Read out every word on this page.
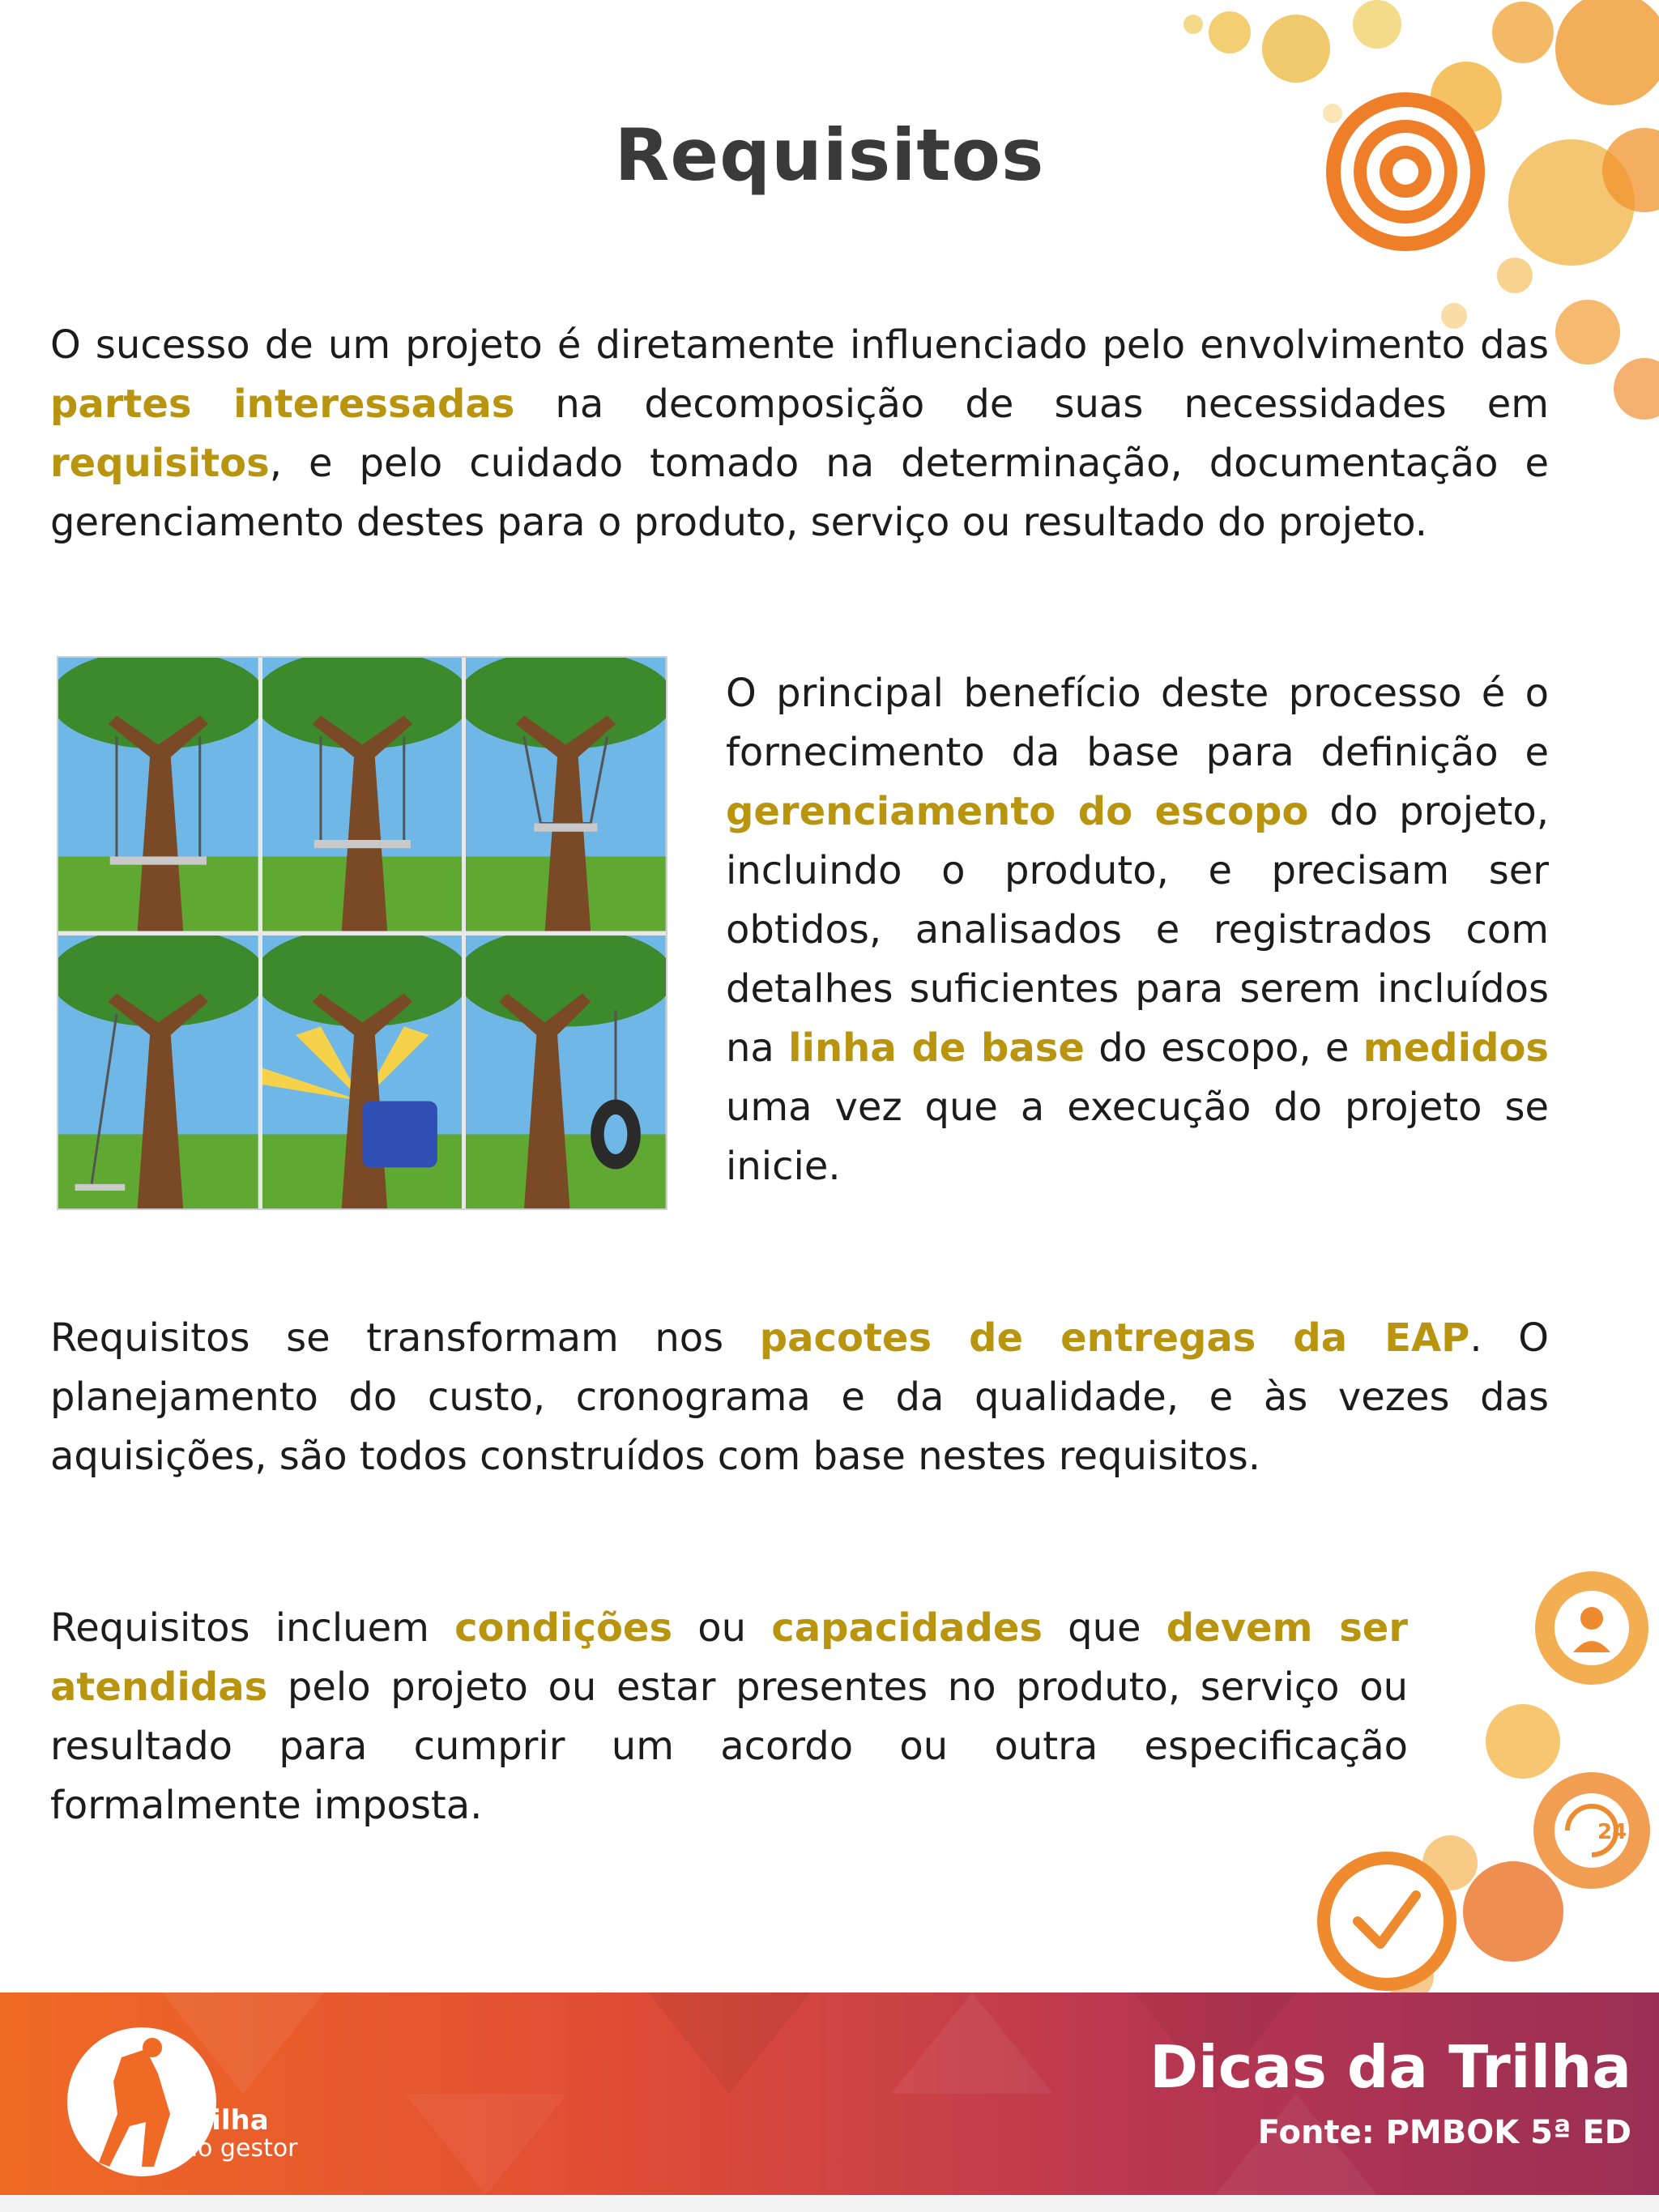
24
Requisitos
O sucesso de um projeto é diretamente influenciado pelo envolvimento das partes interessadas na decomposição de suas necessidades em requisitos, e pelo cuidado tomado na determinação, documentação e gerenciamento destes para o produto, serviço ou resultado do projeto.
O principal benefício deste processo é o fornecimento da base para definição e gerenciamento do escopo do projeto, incluindo o produto, e precisam ser obtidos, analisados e registrados com detalhes suficientes para serem incluídos na linha de base do escopo, e medidos uma vez que a execução do projeto se inicie.
Requisitos se transformam nos pacotes de entregas da EAP. O planejamento do custo, cronograma e da qualidade, e às vezes das aquisições, são todos construídos com base nestes requisitos.
Requisitos incluem condições ou capacidades que devem ser atendidas pelo projeto ou estar presentes no produto, serviço ou resultado para cumprir um acordo ou outra especificação formalmente imposta.
Trilha
do gestor
Dicas da Trilha
Fonte: PMBOK 5ª ED
